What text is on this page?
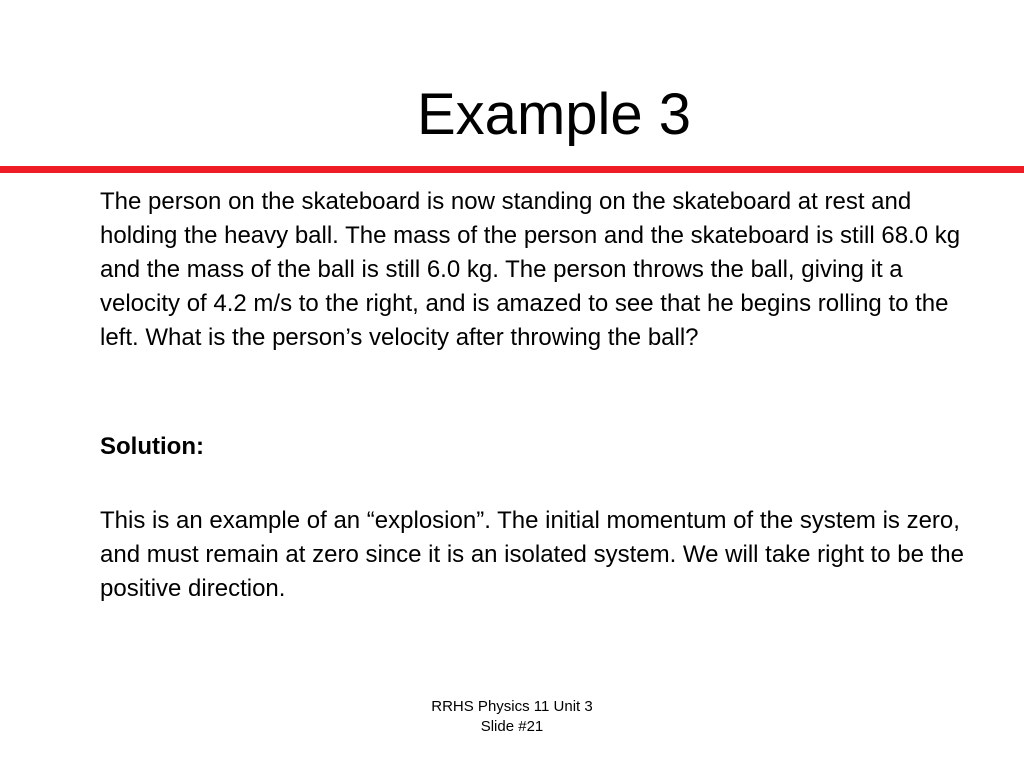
Example 3

The person on the skateboard is now standing on the skateboard at rest and holding the heavy ball. The mass of the person and the skateboard is still 68.0 kg and the mass of the ball is still 6.0 kg. The person throws the ball, giving it a velocity of 4.2 m/s to the right, and is amazed to see that he begins rolling to the left. What is the person’s velocity after throwing the ball?

Solution:

This is an example of an “explosion”. The initial momentum of the system is zero, and must remain at zero since it is an isolated system. We will take right to be the positive direction.

RRHS Physics 11 Unit 3
Slide #21
